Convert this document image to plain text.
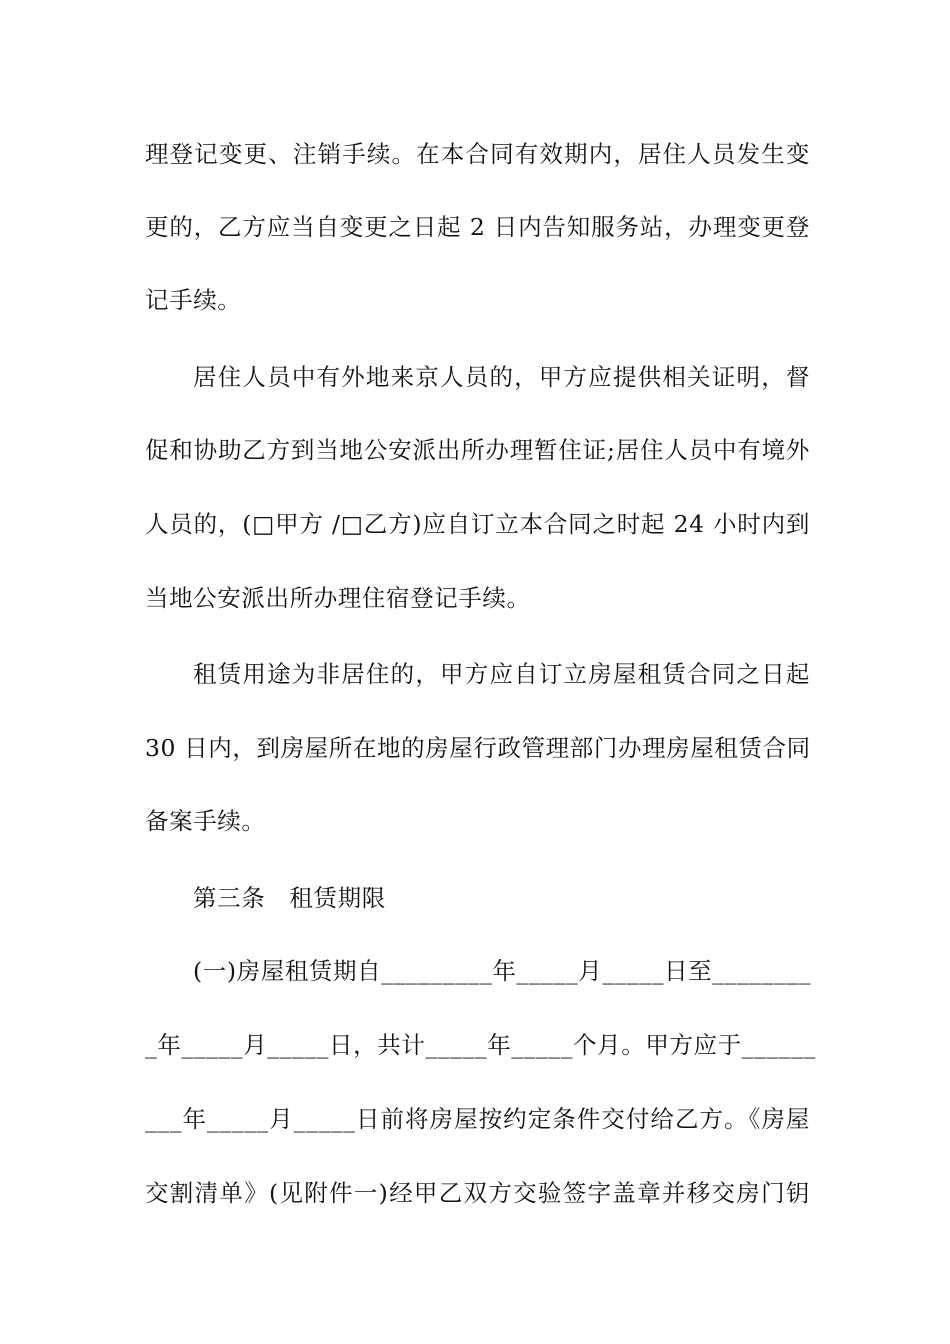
理登记变更、注销手续。在本合同有效期内，居住人员发生变
更的，乙方应当自变更之日起 2 日内告知服务站，办理变更登
记手续。
居住人员中有外地来京人员的，甲方应提供相关证明，督
促和协助乙方到当地公安派出所办理暂住证;居住人员中有境外
人员的，(□甲方 /□乙方)应自订立本合同之时起 24 小时内到
当地公安派出所办理住宿登记手续。
租赁用途为非居住的，甲方应自订立房屋租赁合同之日起
30 日内，到房屋所在地的房屋行政管理部门办理房屋租赁合同
备案手续。
第三条　租赁期限
(一)房屋租赁期自_________年_____月_____日至________
_年_____月_____日，共计_____年_____个月。甲方应于______
___年_____月_____日前将房屋按约定条件交付给乙方。《房屋
交割清单》(见附件一)经甲乙双方交验签字盖章并移交房门钥
